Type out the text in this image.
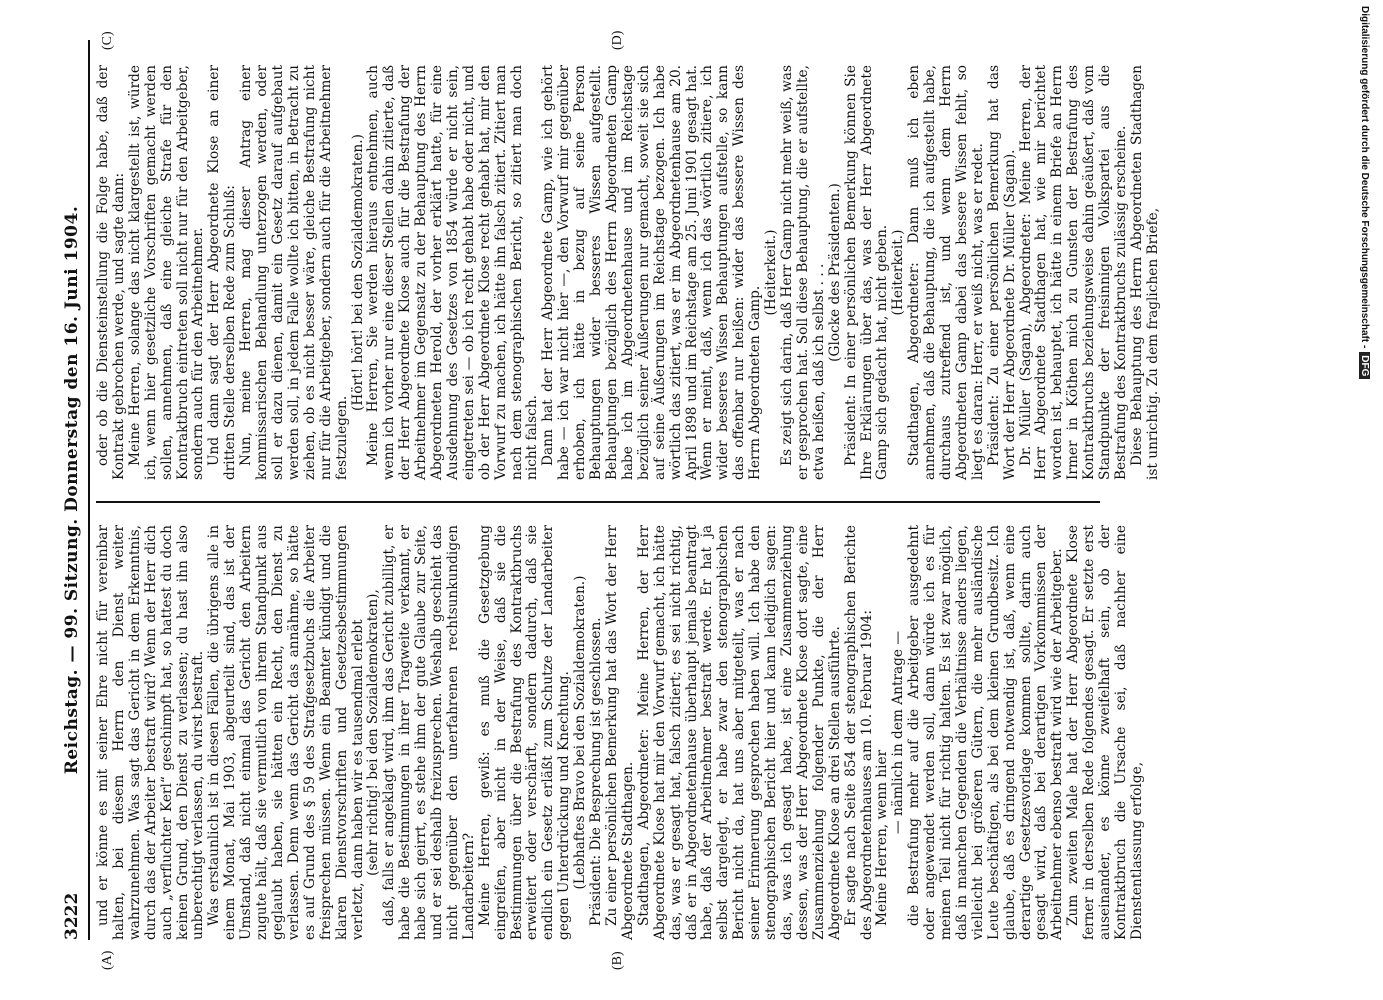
3222
Reichstag. — 99. Sitzung. Donnerstag den 16. Juni 1904.
(A)	(B)
(C)	(D)

und er könne es mit seiner Ehre nicht für vereinbar halten, bei diesem Herrn den Dienst weiter wahrzunehmen. Was sagt das Gericht in dem Erkenntnis, durch das der Arbeiter bestraft wird? Wenn der Herr dich auch „verfluchter Kerl“ geschimpft hat, so hattest du doch keinen Grund, den Dienst zu verlassen; du hast ihn also unberechtigt verlassen, du wirst bestraft. Was erstaunlich ist in diesen Fällen, die übrigens alle in einem Monat, Mai 1903, abgeurteilt sind, das ist der Umstand, daß nicht einmal das Gericht den Arbeitern zugute hält, daß sie vermutlich von ihrem Standpunkt aus geglaubt haben, sie hätten ein Recht, den Dienst zu verlassen. Denn wenn das Gericht das annähme, so hätte es auf Grund des § 59 des Strafgesetzbuchs die Arbeiter freisprechen müssen. Wenn ein Beamter kündigt und die klaren Dienstvorschriften und Gesetzesbestimmungen verletzt, dann haben wir es tausendmal erlebt (sehr richtig! bei den Sozialdemokraten), daß, falls er angeklagt wird, ihm das Gericht zubilligt, er habe die Bestimmungen in ihrer Tragweite verkannt, er habe sich geirrt, es stehe ihm der gute Glaube zur Seite, und er sei deshalb freizusprechen. Weshalb geschieht das nicht gegenüber den unerfahrenen rechtsunkundigen Landarbeitern? Meine Herren, gewiß: es muß die Gesetzgebung eingreifen, aber nicht in der Weise, daß sie die Bestimmungen über die Bestrafung des Kontraktbruchs erweitert oder verschärft, sondern dadurch, daß sie endlich ein Gesetz erläßt zum Schutze der Landarbeiter gegen Unterdrückung und Knechtung. (Lebhaftes Bravo bei den Sozialdemokraten.) Präsident: Die Besprechung ist geschlossen. Zu einer persönlichen Bemerkung hat das Wort der Herr Abgeordnete Stadthagen. Stadthagen, Abgeordneter: Meine Herren, der Herr Abgeordnete Klose hat mir den Vorwurf gemacht, ich hätte das, was er gesagt hat, falsch zitiert; es sei nicht richtig, daß er in Abgeordnetenhause überhaupt jemals beantragt habe, daß der Arbeitnehmer bestraft werde. Er hat ja selbst dargelegt, er habe zwar den stenographischen Bericht nicht da, hat uns aber mitgeteilt, was er nach seiner Erinnerung gesprochen haben will. Ich habe den stenographischen Bericht hier und kann lediglich sagen: das, was ich gesagt habe, ist eine Zusammenziehung dessen, was der Herr Abgeordnete Klose dort sagte, eine Zusammenziehung folgender Punkte, die der Herr Abgeordnete Klose an drei Stellen ausführte. Er sagte nach Seite 854 der stenographischen Berichte des Abgeordnetenhauses am 10. Februar 1904: Meine Herren, wenn hier

— nämlich in dem Antrage — die Bestrafung mehr auf die Arbeitgeber ausgedehnt oder angewendet werden soll, dann würde ich es für meinen Teil nicht für richtig halten. Es ist zwar möglich, daß in manchen Gegenden die Verhältnisse anders liegen, vielleicht bei größeren Gütern, die mehr ausländische Leute beschäftigen, als bei dem kleinen Grundbesitz. Ich glaube, daß es dringend notwendig ist, daß, wenn eine derartige Gesetzesvorlage kommen sollte, darin auch gesagt wird, daß bei derartigen Vorkommnissen der Arbeitnehmer ebenso bestraft wird wie der Arbeitgeber. Zum zweiten Male hat der Herr Abgeordnete Klose ferner in derselben Rede folgendes gesagt. Er setzte erst auseinander, es könne zweifelhaft sein, ob der Kontraktbruch die Ursache sei, daß nachher eine Dienstentlassung erfolge,

oder ob die Diensteinstellung die Folge habe, daß der Kontrakt gebrochen werde, und sagte dann: Meine Herren, solange das nicht klargestellt ist, würde ich, wenn hier gesetzliche Vorschriften gemacht werden sollen, annehmen, daß eine gleiche Strafe für den Kontraktbruch eintreten soll nicht nur für den Arbeitgeber, sondern auch für den Arbeitnehmer. Und dann sagt der Herr Abgeordnete Klose an einer dritten Stelle derselben Rede zum Schluß: Nun, meine Herren, mag dieser Antrag einer kommissarischen Behandlung unterzogen werden, oder soll er dazu dienen, damit ein Gesetz darauf aufgebaut werden soll, in jedem Falle wollte ich bitten, in Betracht zu ziehen, ob es nicht besser wäre, gleiche Bestrafung nicht nur für die Arbeitgeber, sondern auch für die Arbeitnehmer festzulegen.

(Hört! hört! bei den Sozialdemokraten.) Meine Herren, Sie werden hieraus entnehmen, auch wenn ich vorher nur eine dieser Stellen dahin zitierte, daß der Herr Abgeordnete Klose auch für die Bestrafung der Arbeitnehmer im Gegensatz zu der Behauptung des Herrn Abgeordneten Herold, der vorher erklärt hatte, für eine Ausdehnung des Gesetzes von 1854 würde er nicht sein, eingetreten sei — ob ich recht gehabt habe oder nicht, und ob der Herr Abgeordnete Klose recht gehabt hat, mir den Vorwurf zu machen, ich hätte ihn falsch zitiert. Zitiert man nach dem stenographischen Bericht, so zitiert man doch nicht falsch. Dann hat der Herr Abgeordnete Gamp, wie ich gehört habe — ich war nicht hier —, den Vorwurf mir gegenüber erhoben, ich hätte in bezug auf seine Person Behauptungen wider besseres Wissen aufgestellt. Behauptungen bezüglich des Herrn Abgeordneten Gamp habe ich im Abgeordnetenhause und im Reichstage bezüglich seiner Äußerungen nur gemacht, soweit sie sich auf seine Äußerungen im Reichstage bezogen. Ich habe wörtlich das zitiert, was er im Abgeordnetenhause am 20. April 1898 und im Reichstage am 25. Juni 1901 gesagt hat. Wenn er meint, daß, wenn ich das wörtlich zitiere, ich wider besseres Wissen Behauptungen aufstelle, so kann das offenbar nur heißen: wider das bessere Wissen des Herrn Abgeordneten Gamp.

(Heiterkeit.) Es zeigt sich darin, daß Herr Gamp nicht mehr weiß, was er gesprochen hat. Soll diese Behauptung, die er aufstellte, etwa heißen, daß ich selbst . . . (Glocke des Präsidenten.) Präsident: In einer persönlichen Bemerkung können Sie Ihre Erklärungen über das, was der Herr Abgeordnete Gamp sich gedacht hat, nicht geben. (Heiterkeit.) Stadthagen, Abgeordneter: Dann muß ich eben annehmen, daß die Behauptung, die ich aufgestellt habe, durchaus zutreffend ist, und wenn dem Herrn Abgeordneten Gamp dabei das bessere Wissen fehlt, so liegt es daran: Herr, er weiß nicht, was er redet. Präsident: Zu einer persönlichen Bemerkung hat das Wort der Herr Abgeordnete Dr. Müller (Sagan). Dr. Müller (Sagan), Abgeordneter: Meine Herren, der Herr Abgeordnete Stadthagen hat, wie mir berichtet worden ist, behauptet, ich hätte in einem Briefe an Herrn Irmer in Köthen mich zu Gunsten der Bestrafung des Kontraktbruchs beziehungsweise dahin geäußert, daß vom Standpunkte der freisinnigen Volkspartei aus die Bestrafung des Kontraktbruchs zulässig erscheine. Diese Behauptung des Herrn Abgeordneten Stadthagen ist unrichtig. Zu dem fraglichen Briefe,	Digitalisierung gefördert durch die Deutsche Forschungsgemeinschaft -DFG
